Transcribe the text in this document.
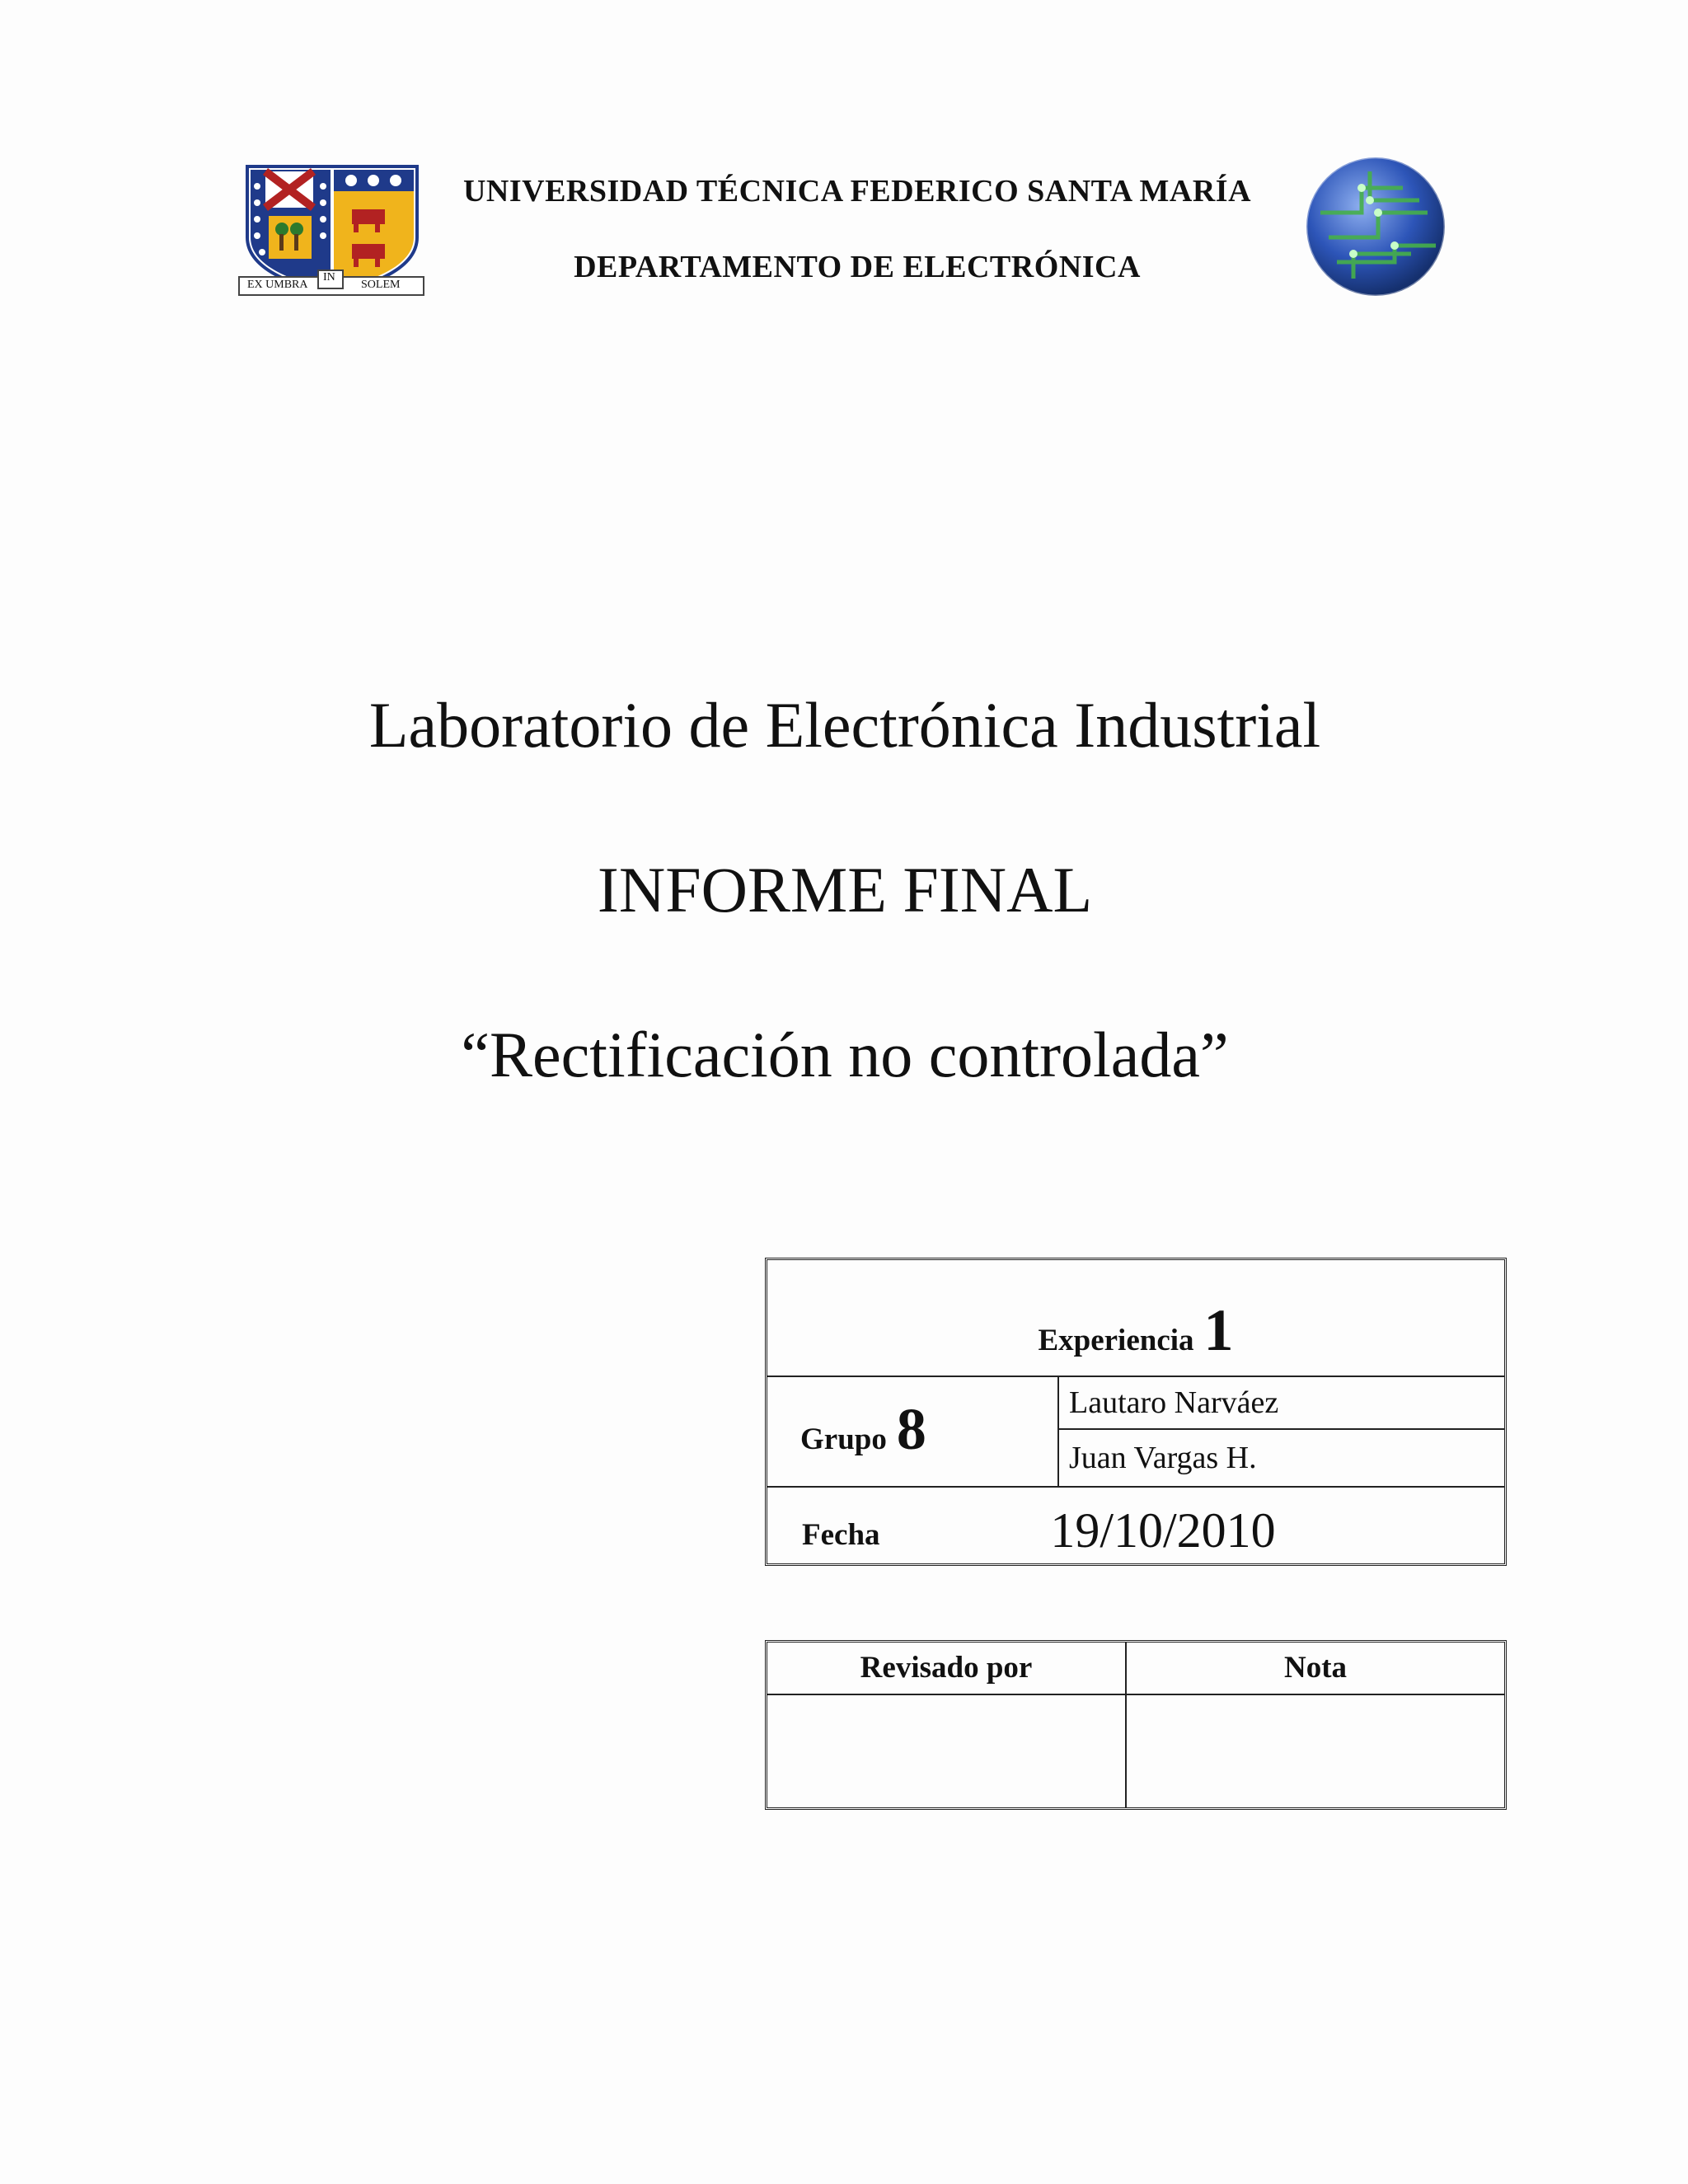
EX UMBRA
IN
SOLEM
UNIVERSIDAD TÉCNICA FEDERICO SANTA MARÍA
DEPARTAMENTO DE ELECTRÓNICA
Laboratorio de Electrónica Industrial
INFORME FINAL
“Rectificación no controlada”
Experiencia 1
Grupo 8	Lautaro Narváez
Juan Vargas H.
Fecha	19/10/2010
Revisado por	Nota
